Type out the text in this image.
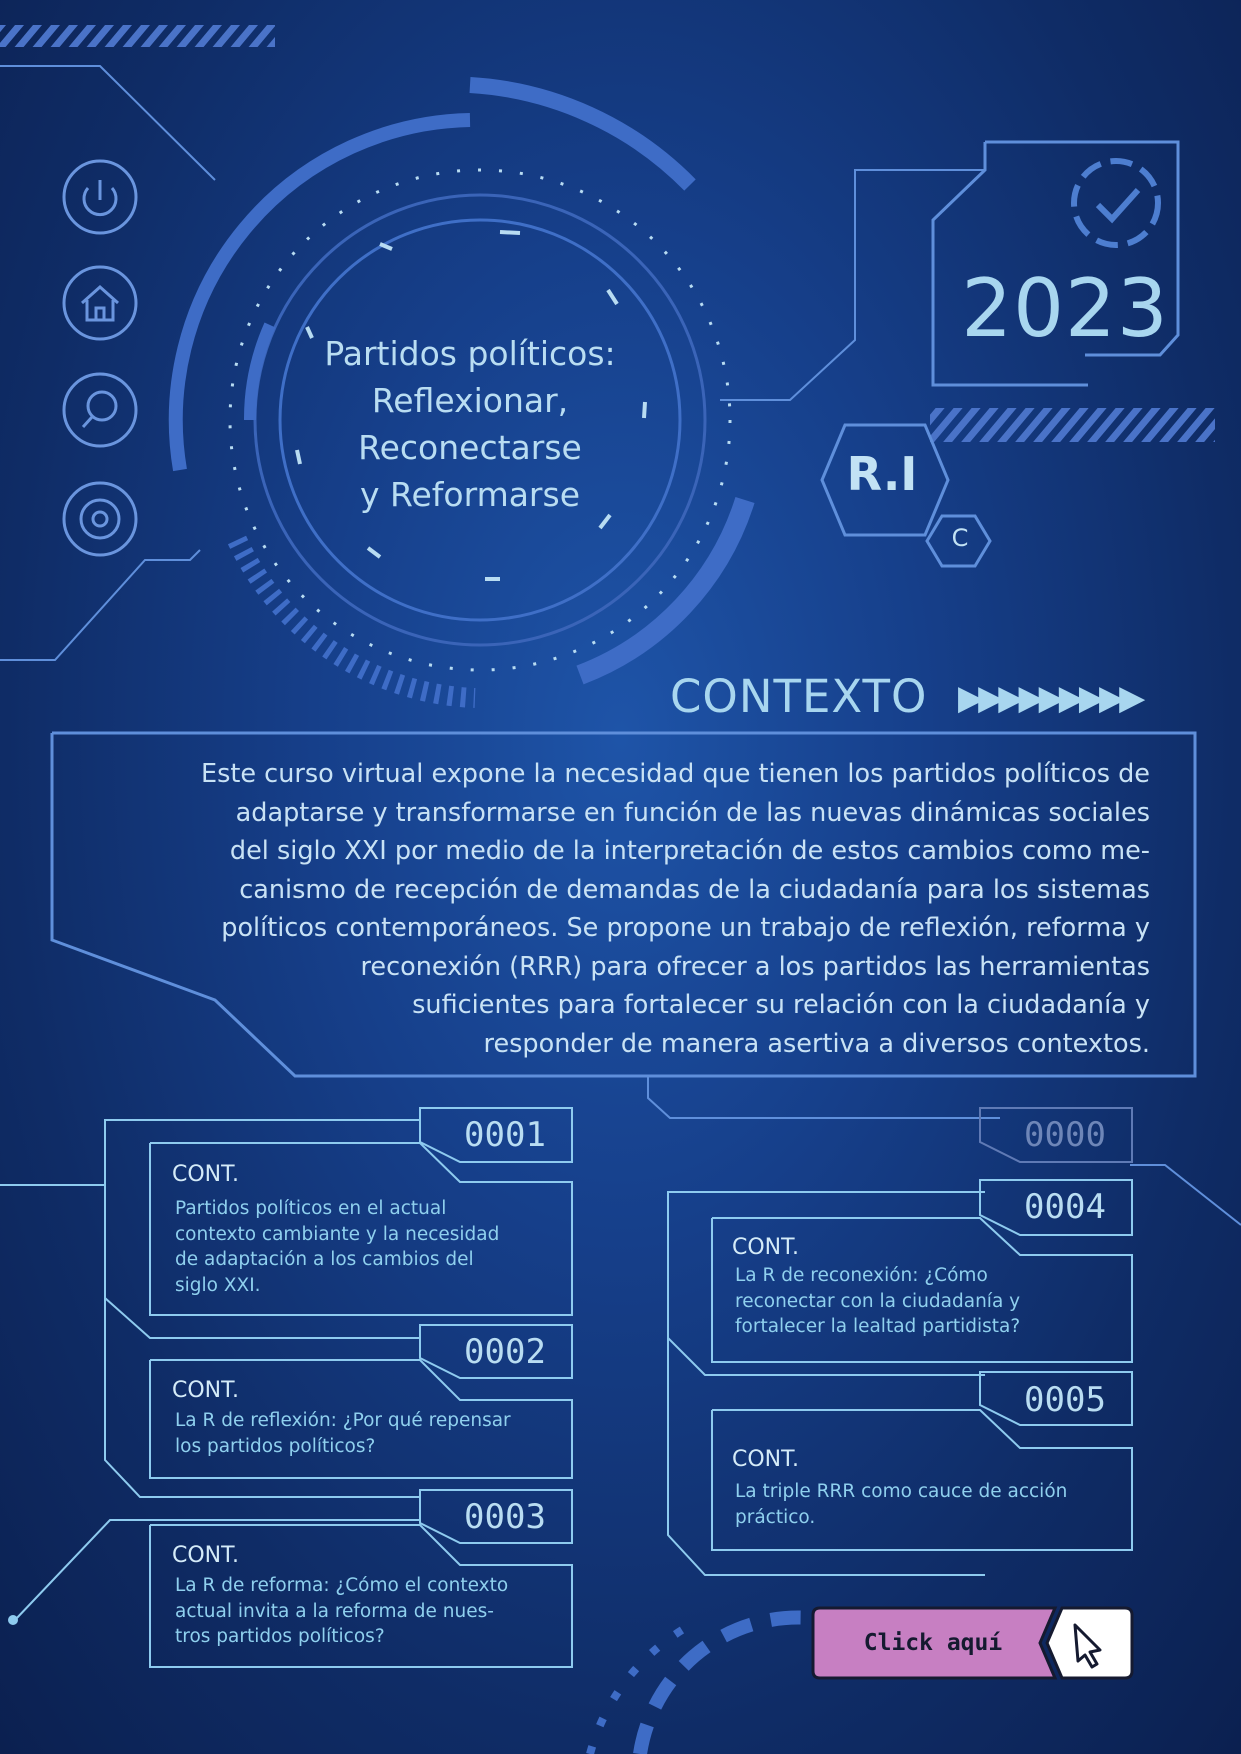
Partidos políticos:
Reflexionar,
Reconectarse
y Reformarse
2023
R.I
C
CONTEXTO ▶▶▶▶▶▶▶▶▶
Este curso virtual expone la necesidad que tienen los partidos políticos de
adaptarse y transformarse en función de las nuevas dinámicas sociales
del siglo XXI por medio de la interpretación de estos cambios como me-
canismo de recepción de demandas de la ciudadanía para los sistemas
políticos contemporáneos. Se propone un trabajo de reflexión, reforma y
reconexión (RRR) para ofrecer a los partidos las herramientas
suficientes para fortalecer su relación con la ciudadanía y
responder de manera asertiva a diversos contextos.
0001
CONT.
Partidos políticos en el actual
contexto cambiante y la necesidad
de adaptación a los cambios del
siglo XXI.
0002
CONT.
La R de reflexión: ¿Por qué repensar
los partidos políticos?
0003
CONT.
La R de reforma: ¿Cómo el contexto
actual invita a la reforma de nues-
tros partidos políticos?
0000
0004
CONT.
La R de reconexión: ¿Cómo
reconectar con la ciudadanía y
fortalecer la lealtad partidista?
0005
CONT.
La triple RRR como cauce de acción
práctico.
Click aquí
